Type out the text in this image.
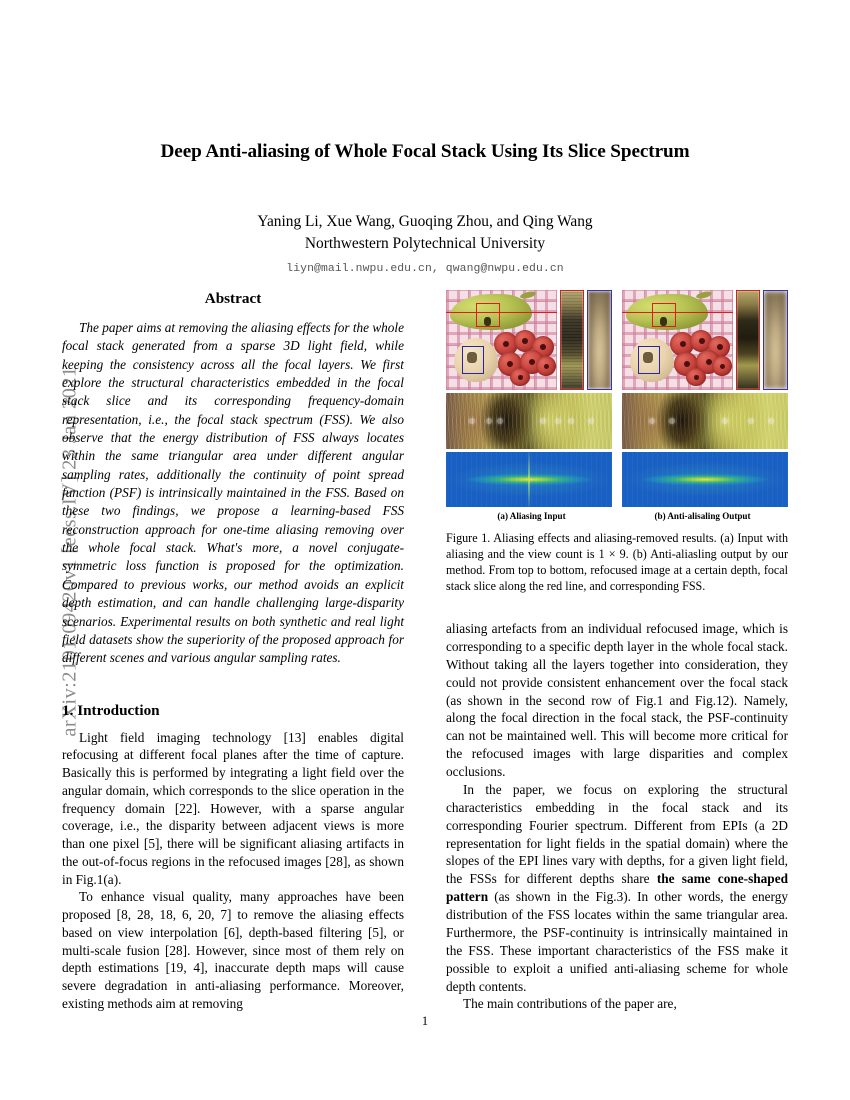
arXiv:2101.09420v1 [eess.IV] 23 Jan 2021
Deep Anti-aliasing of Whole Focal Stack Using Its Slice Spectrum
Yaning Li, Xue Wang, Guoqing Zhou, and Qing Wang
Northwestern Polytechnical University
liyn@mail.nwpu.edu.cn, qwang@nwpu.edu.cn
Abstract

The paper aims at removing the aliasing effects for the whole focal stack generated from a sparse 3D light field, while keeping the consistency across all the focal layers. We first explore the structural characteristics embedded in the focal stack slice and its corresponding frequency-domain representation, i.e., the focal stack spectrum (FSS). We also observe that the energy distribution of FSS always locates within the same triangular area under different angular sampling rates, additionally the continuity of point spread function (PSF) is intrinsically maintained in the FSS. Based on these two findings, we propose a learning-based FSS reconstruction approach for one-time aliasing removing over the whole focal stack. What's more, a novel conjugate-symmetric loss function is proposed for the optimization. Compared to previous works, our method avoids an explicit depth estimation, and can handle challenging large-disparity scenarios. Experimental results on both synthetic and real light field datasets show the superiority of the proposed approach for different scenes and various angular sampling rates.

1. Introduction

Light field imaging technology [13] enables digital refocusing at different focal planes after the time of capture. Basically this is performed by integrating a light field over the angular domain, which corresponds to the slice operation in the frequency domain [22]. However, with a sparse angular coverage, i.e., the disparity between adjacent views is more than one pixel [5], there will be significant aliasing artifacts in the out-of-focus regions in the refocused images [28], as shown in Fig.1(a).

To enhance visual quality, many approaches have been proposed [8, 28, 18, 6, 20, 7] to remove the aliasing effects based on view interpolation [6], depth-based filtering [5], or multi-scale fusion [28]. However, since most of them rely on depth estimations [19, 4], inaccurate depth maps will cause severe degradation in anti-aliasing performance. Moreover, existing methods aim at removing

(a) Aliasing Input	(b) Anti-alisaling Output
Figure 1. Aliasing effects and aliasing-removed results. (a) Input with aliasing and the view count is 1 × 9. (b) Anti-aliasling output by our method. From top to bottom, refocused image at a certain depth, focal stack slice along the red line, and corresponding FSS.

aliasing artefacts from an individual refocused image, which is corresponding to a specific depth layer in the whole focal stack. Without taking all the layers together into consideration, they could not provide consistent enhancement over the focal stack (as shown in the second row of Fig.1 and Fig.12). Namely, along the focal direction in the focal stack, the PSF-continuity can not be maintained well. This will become more critical for the refocused images with large disparities and complex occlusions.

In the paper, we focus on exploring the structural characteristics embedding in the focal stack and its corresponding Fourier spectrum. Different from EPIs (a 2D representation for light fields in the spatial domain) where the slopes of the EPI lines vary with depths, for a given light field, the FSSs for different depths share the same cone-shaped pattern (as shown in the Fig.3). In other words, the energy distribution of the FSS locates within the same triangular area. Furthermore, the PSF-continuity is intrinsically maintained in the FSS. These important characteristics of the FSS make it possible to exploit a unified anti-aliasing scheme for whole depth contents.

The main contributions of the paper are,

1
